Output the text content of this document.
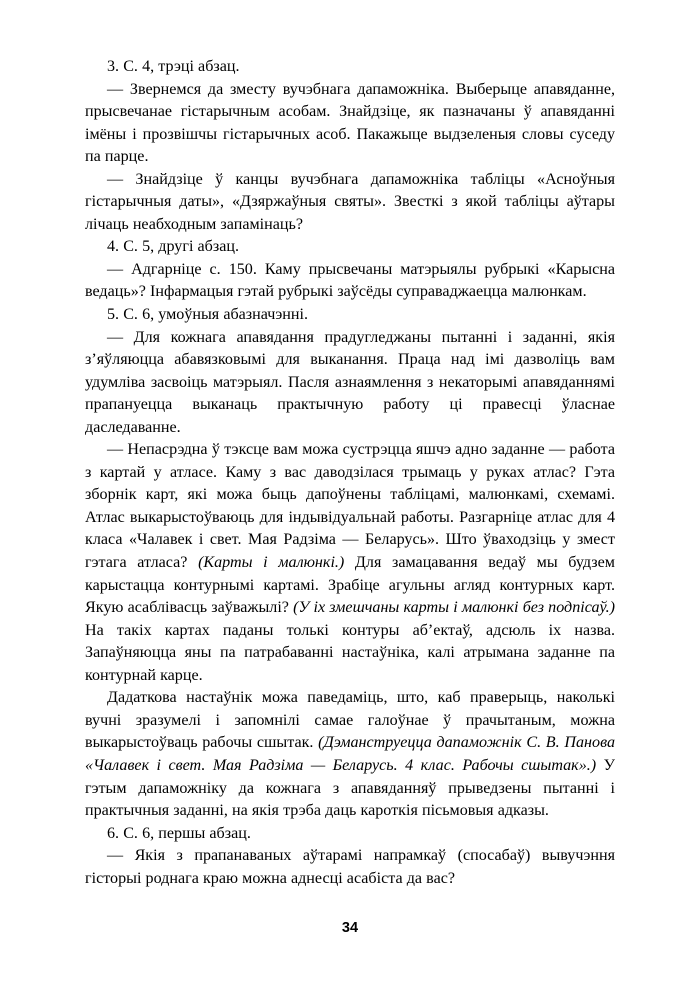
3. С. 4, трэці абзац.

— Звернемся да зместу вучэбнага дапаможніка. Выберыце апавяданне, прысвечанае гістарычным асобам. Знайдзіце, як пазначаны ў апавяданні імёны і прозвішчы гістарычных асоб. Пакажыце выдзеленыя словы суседу па парце.

— Знайдзіце ў канцы вучэбнага дапаможніка табліцы «Асноўныя гістарычныя даты», «Дзяржаўныя святы». Звесткі з якой табліцы аўтары лічаць неабходным запамінаць?

4. С. 5, другі абзац.

— Адгарніце с. 150. Каму прысвечаны матэрыялы рубрыкі «Карысна ведаць»? Інфармацыя гэтай рубрыкі заўсёды суправаджаецца малюнкам.

5. С. 6, умоўныя абазначэнні.

— Для кожнага апавядання прадугледжаны пытанні і заданні, якія з’яўляюцца абавязковымі для выканання. Праца над імі дазволіць вам удумліва засвоіць матэрыял. Пасля азнаямлення з некаторымі апавяданнямі прапануецца выканаць практычную работу ці правесці ўласнае даследаванне.

— Непасрэдна ў тэксце вам можа сустрэцца яшчэ адно заданне — работа з картай у атласе. Каму з вас даводзілася трымаць у руках атлас? Гэта зборнік карт, які можа быць дапоўнены табліцамі, малюнкамі, схемамі. Атлас выкарыстоўваюць для індывідуальнай работы. Разгарніце атлас для 4 класа «Чалавек і свет. Мая Радзіма — Беларусь». Што ўваходзіць у змест гэтага атласа? (Карты і малюнкі.) Для замацавання ведаў мы будзем карыстацца контурнымі картамі. Зрабіце агульны агляд контурных карт. Якую асаблівасць заўважылі? (У іх змешчаны карты і малюнкі без подпісаў.) На такіх картах паданы толькі контуры аб’ектаў, адсюль іх назва. Запаўняюцца яны па патрабаванні настаўніка, калі атрымана заданне па контурнай карце.

Дадаткова настаўнік можа паведаміць, што, каб праверыць, наколькі вучні зразумелі і запомнілі самае галоўнае ў прачытаным, можна выкарыстоўваць рабочы сшытак. (Дэманструецца дапаможнік С. В. Панова «Чалавек і свет. Мая Радзіма — Беларусь. 4 клас. Рабочы сшытак».) У гэтым дапаможніку да кожнага з апавяданняў прыведзены пытанні і практычныя заданні, на якія трэба даць кароткія пісьмовыя адказы.

6. С. 6, першы абзац.

— Якія з прапанаваных аўтарамі напрамкаў (спосабаў) вывучэння гісторыі роднага краю можна аднесці асабіста да вас?

34
